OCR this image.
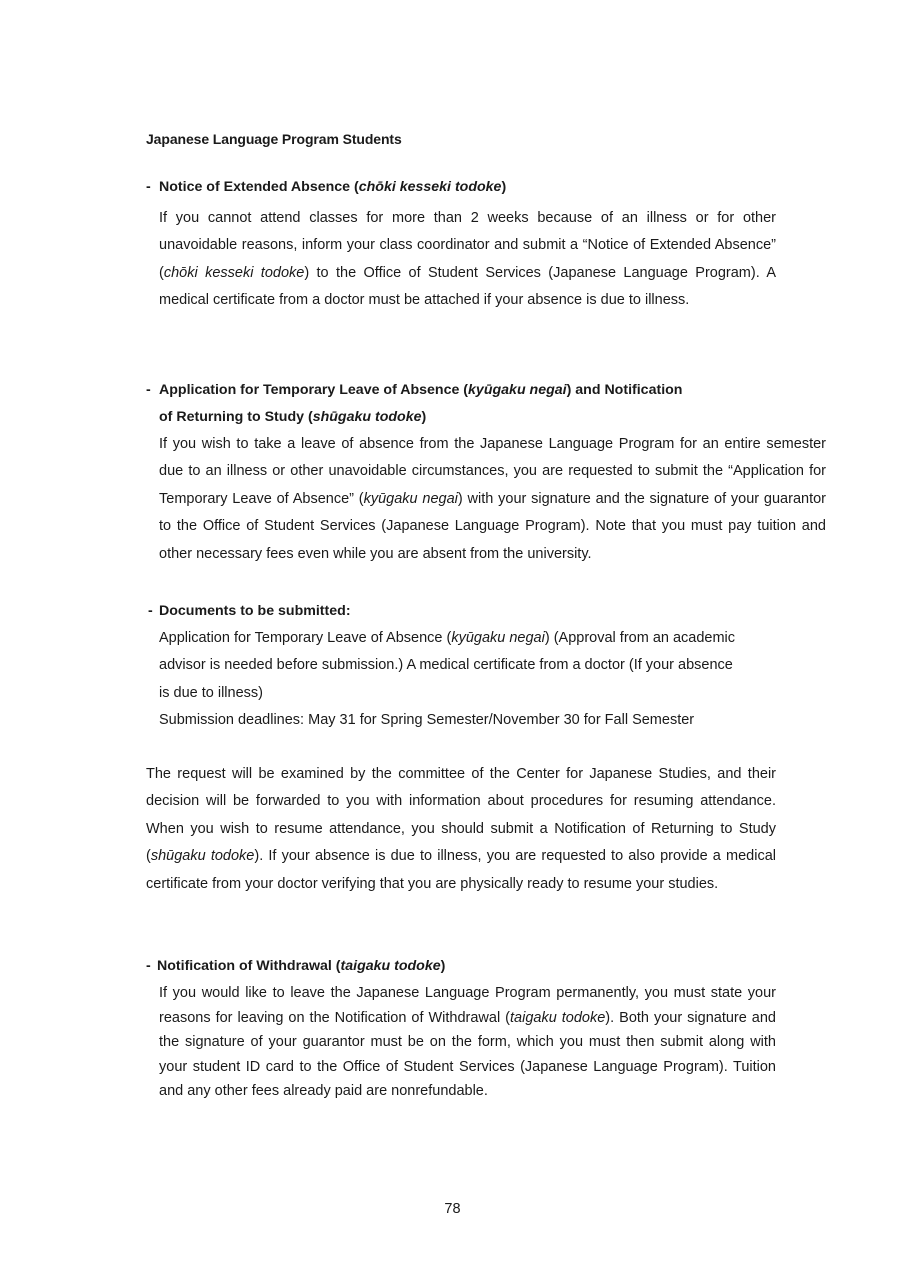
Japanese Language Program Students
- Notice of Extended Absence (chōki kesseki todoke)

If you cannot attend classes for more than 2 weeks because of an illness or for other unavoidable reasons, inform your class coordinator and submit a “Notice of Extended Absence” (chōki kesseki todoke) to the Office of Student Services (Japanese Language Program). A medical certificate from a doctor must be attached if your absence is due to illness.

- Application for Temporary Leave of Absence (kyūgaku negai) and Notification
of Returning to Study (shūgaku todoke)

If you wish to take a leave of absence from the Japanese Language Program for an entire semester due to an illness or other unavoidable circumstances, you are requested to submit the “Application for Temporary Leave of Absence” (kyūgaku negai) with your signature and the signature of your guarantor to the Office of Student Services (Japanese Language Program). Note that you must pay tuition and other necessary fees even while you are absent from the university.

- Documents to be submitted:
Application for Temporary Leave of Absence (kyūgaku negai) (Approval from an academic
advisor is needed before submission.) A medical certificate from a doctor (If your absence
is due to illness)
Submission deadlines: May 31 for Spring Semester/November 30 for Fall Semester

The request will be examined by the committee of the Center for Japanese Studies, and their decision will be forwarded to you with information about procedures for resuming attendance. When you wish to resume attendance, you should submit a Notification of Returning to Study (shūgaku todoke). If your absence is due to illness, you are requested to also provide a medical certificate from your doctor verifying that you are physically ready to resume your studies.

- Notification of Withdrawal (taigaku todoke)

If you would like to leave the Japanese Language Program permanently, you must state your reasons for leaving on the Notification of Withdrawal (taigaku todoke). Both your signature and the signature of your guarantor must be on the form, which you must then submit along with your student ID card to the Office of Student Services (Japanese Language Program). Tuition and any other fees already paid are nonrefundable.

78
